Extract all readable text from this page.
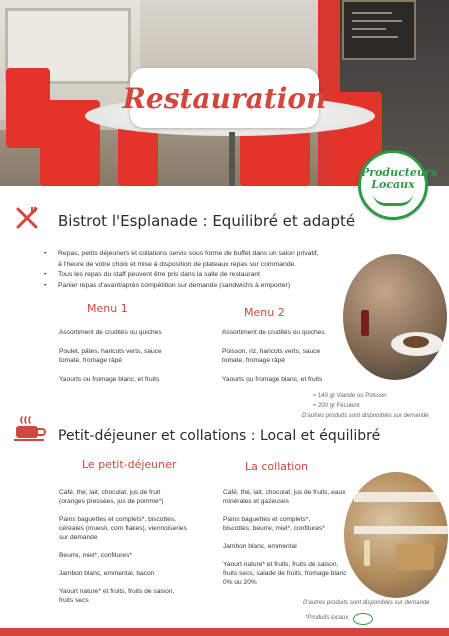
Restauration
Producteurs
Locaux
Bistrot l'Esplanade : Equilibré et adapté
• Repas, petits déjeuners et collations servis sous forme de buffet dans un salon privatif,
à l'heure de votre choix et mise à disposition de plateaux repas sur commande.
• Tous les repas du staff peuvent être pris dans la salle de restaurant
• Panier repas d'avant/après compétition sur demande (sandwichs à emporter)
Menu 1
Assortiment de crudités ou quiches
Poulet, pâtes, haricots verts, sauce
tomate, fromage râpé
Yaourts ou fromage blanc, et fruits
Menu 2
Assortiment de crudités ou quiches
Poisson, riz, haricots verts, sauce
tomate, fromage râpé
Yaourts ou fromage blanc, et fruits
≈ 140 gr Viande ou Poisson
≈ 200 gr Féculent
D'autres produits sont disponibles sur demande
Petit-déjeuner et collations : Local et équilibré
Le petit-déjeuner	La collation
Café, thé, lait, chocolat, jus de fruit
(oranges pressées, jus de pomme*)
Pains baguettes et complets*, biscottes,
céréales (muesli, corn flakes), viennoiseries
sur demande
Beurre, miel*, confitures*
Jambon blanc, emmental, bacon
Yaourt nature* et fruits, fruits de saison,
fruits secs
Café, thé, lait, chocolat, jus de fruits, eaux
minérales et gazeuses
Pains baguettes et complets*,
biscottes, beurre, miel*, confitures*
Jambon blanc, emmental
Yaourt nature* et fruits, fruits de saison,
fruits secs, salade de fruits, fromage blanc
0% ou 20%
D'autres produits sont disponibles sur demande
*Produits locaux
